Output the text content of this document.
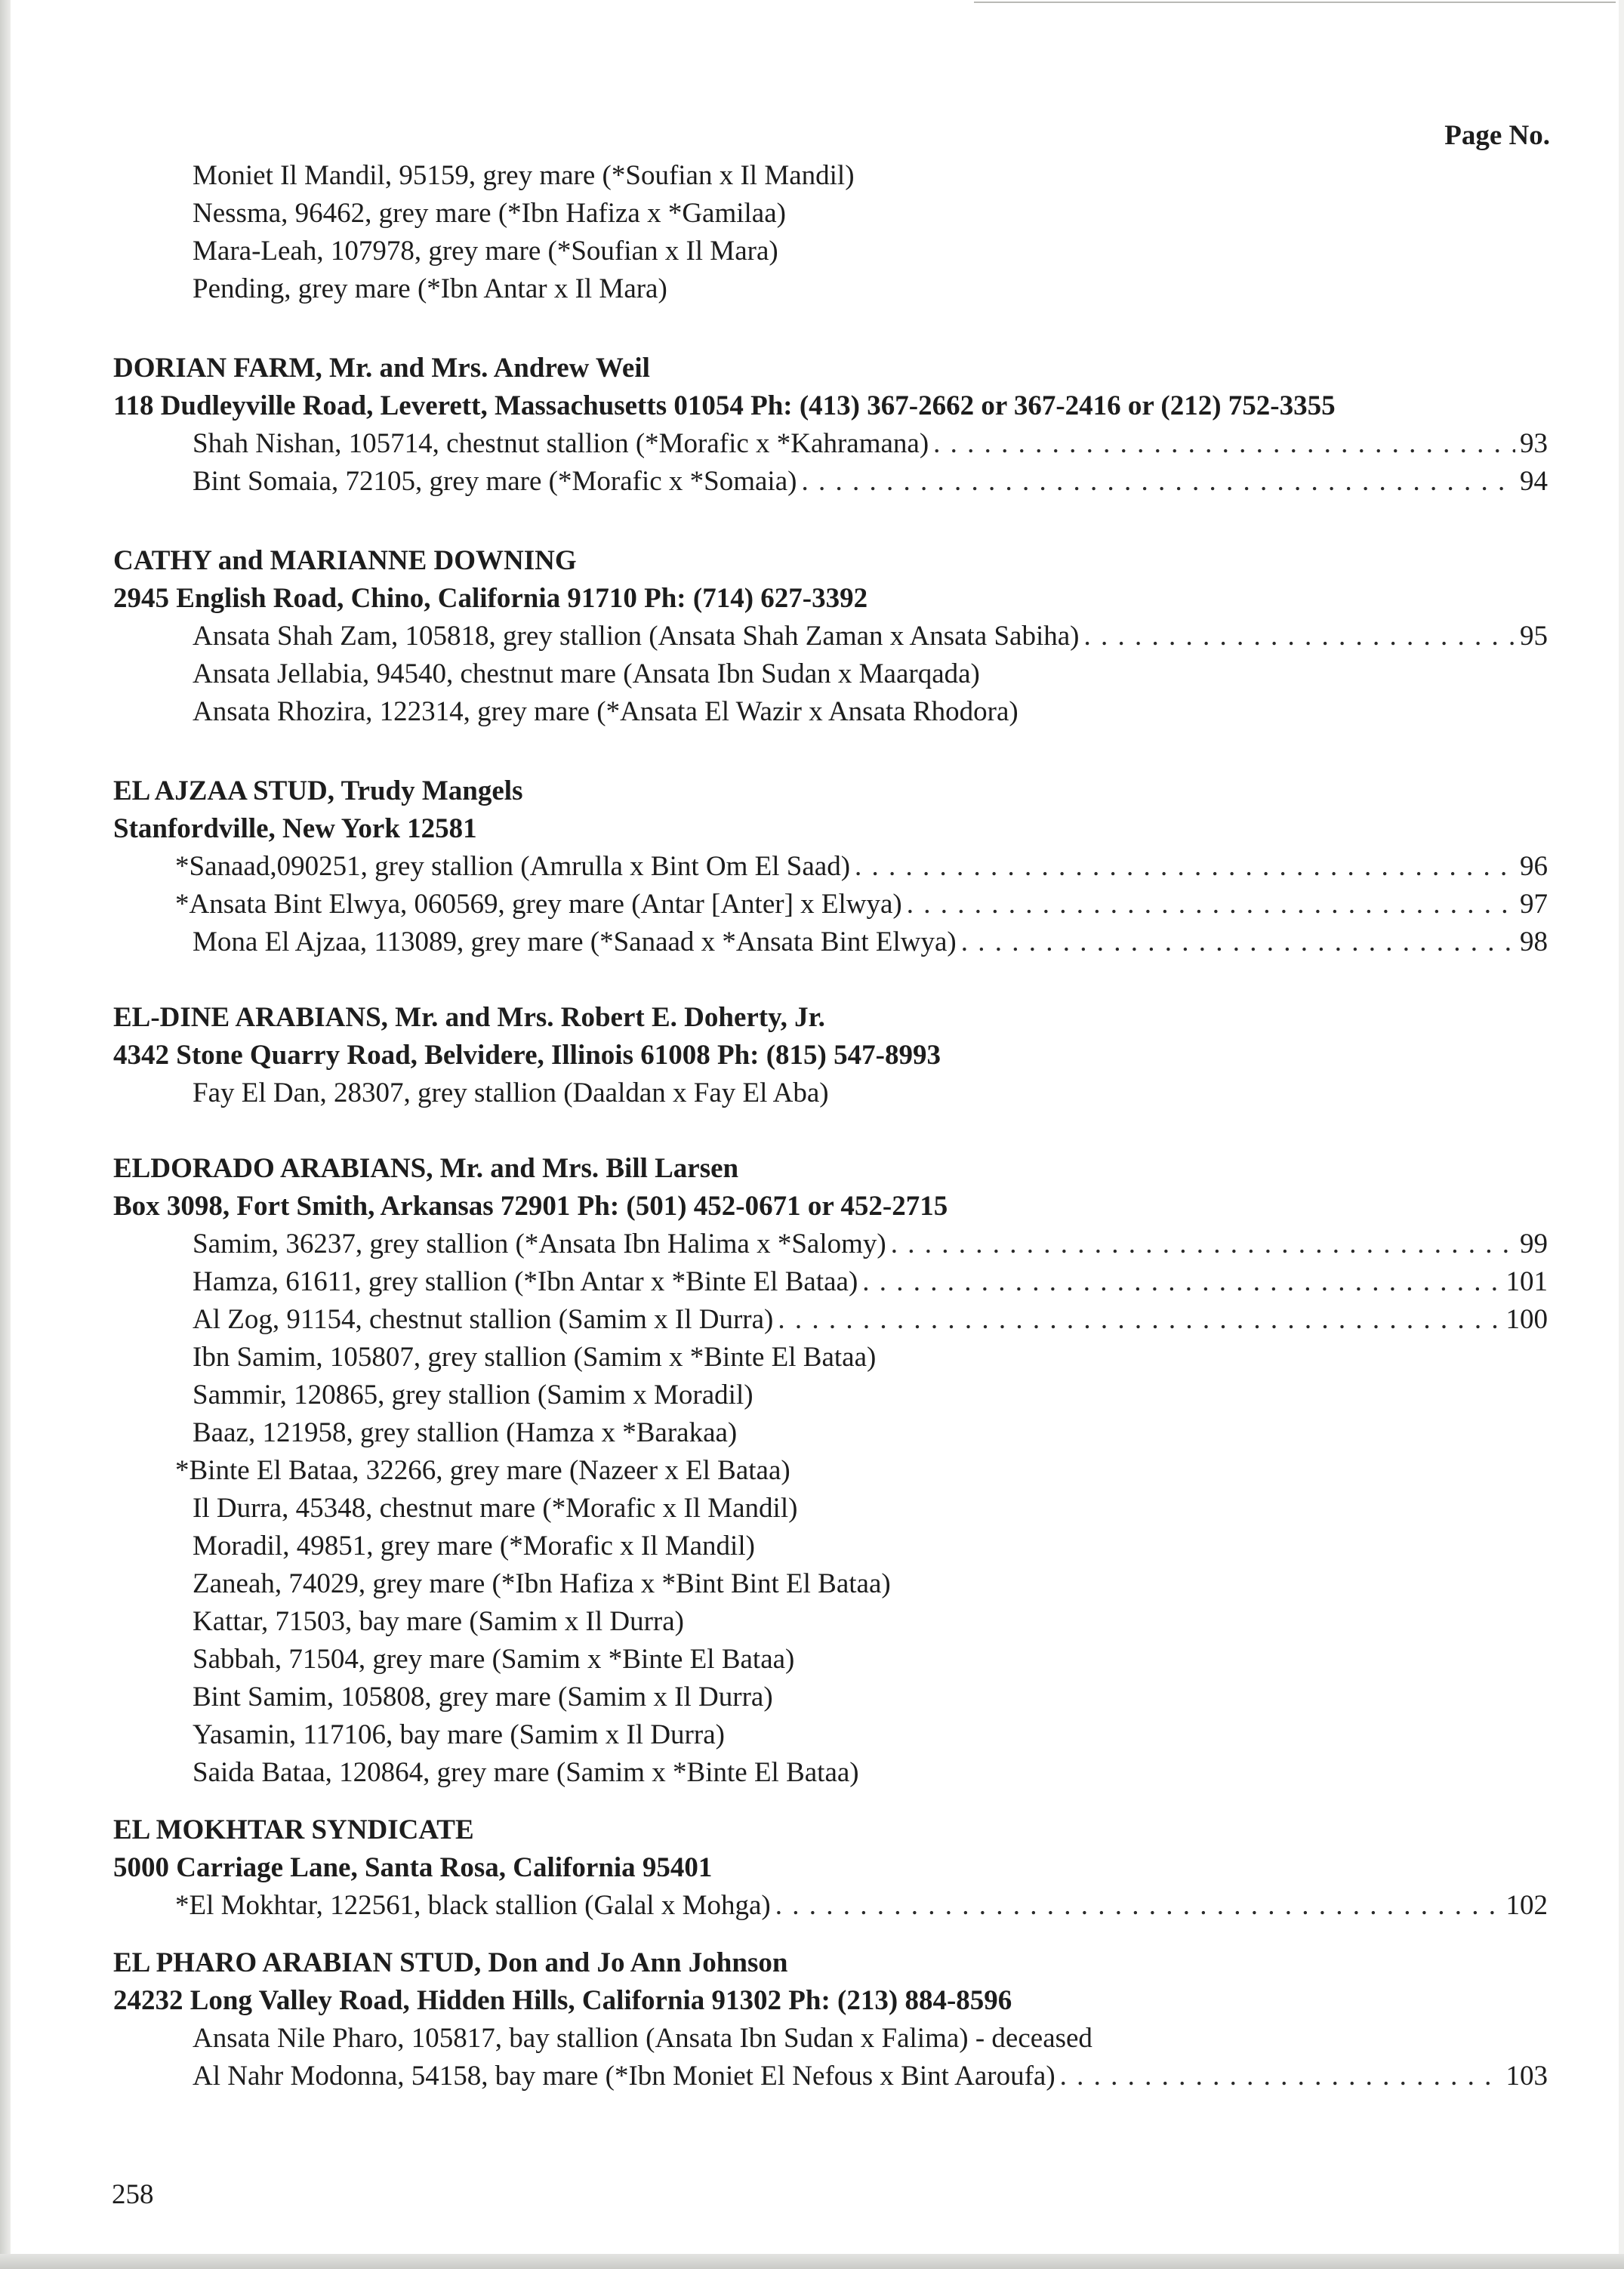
Page No.
Moniet Il Mandil, 95159, grey mare (*Soufian x Il Mandil)
Nessma, 96462, grey mare (*Ibn Hafiza x *Gamilaa)
Mara-Leah, 107978, grey mare (*Soufian x Il Mara)
Pending, grey mare (*Ibn Antar x Il Mara)
DORIAN FARM, Mr. and Mrs. Andrew Weil
118 Dudleyville Road, Leverett, Massachusetts 01054 Ph: (413) 367-2662 or 367-2416 or (212) 752-3355
Shah Nishan, 105714, chestnut stallion (*Morafic x *Kahramana) . . .	93
Bint Somaia, 72105, grey mare (*Morafic x *Somaia) . . .	94
CATHY and MARIANNE DOWNING
2945 English Road, Chino, California 91710 Ph: (714) 627-3392
Ansata Shah Zam, 105818, grey stallion (Ansata Shah Zaman x Ansata Sabiha) . . .	95
Ansata Jellabia, 94540, chestnut mare (Ansata Ibn Sudan x Maarqada)
Ansata Rhozira, 122314, grey mare (*Ansata El Wazir x Ansata Rhodora)
EL AJZAA STUD, Trudy Mangels
Stanfordville, New York 12581
*Sanaad,090251, grey stallion (Amrulla x Bint Om El Saad) . . .	96
*Ansata Bint Elwya, 060569, grey mare (Antar [Anter] x Elwya) . . .	97
Mona El Ajzaa, 113089, grey mare (*Sanaad x *Ansata Bint Elwya) . . .	98
EL-DINE ARABIANS, Mr. and Mrs. Robert E. Doherty, Jr.
4342 Stone Quarry Road, Belvidere, Illinois 61008 Ph: (815) 547-8993
Fay El Dan, 28307, grey stallion (Daaldan x Fay El Aba)
ELDORADO ARABIANS, Mr. and Mrs. Bill Larsen
Box 3098, Fort Smith, Arkansas 72901 Ph: (501) 452-0671 or 452-2715
Samim, 36237, grey stallion (*Ansata Ibn Halima x *Salomy) . . .	99
Hamza, 61611, grey stallion (*Ibn Antar x *Binte El Bataa) . . .	101
Al Zog, 91154, chestnut stallion (Samim x Il Durra) . . .	100
Ibn Samim, 105807, grey stallion (Samim x *Binte El Bataa)
Sammir, 120865, grey stallion (Samim x Moradil)
Baaz, 121958, grey stallion (Hamza x *Barakaa)
*Binte El Bataa, 32266, grey mare (Nazeer x El Bataa)
Il Durra, 45348, chestnut mare (*Morafic x Il Mandil)
Moradil, 49851, grey mare (*Morafic x Il Mandil)
Zaneah, 74029, grey mare (*Ibn Hafiza x *Bint Bint El Bataa)
Kattar, 71503, bay mare (Samim x Il Durra)
Sabbah, 71504, grey mare (Samim x *Binte El Bataa)
Bint Samim, 105808, grey mare (Samim x Il Durra)
Yasamin, 117106, bay mare (Samim x Il Durra)
Saida Bataa, 120864, grey mare (Samim x *Binte El Bataa)
EL MOKHTAR SYNDICATE
5000 Carriage Lane, Santa Rosa, California 95401
*El Mokhtar, 122561, black stallion (Galal x Mohga) . . .	102
EL PHARO ARABIAN STUD, Don and Jo Ann Johnson
24232 Long Valley Road, Hidden Hills, California 91302 Ph: (213) 884-8596
Ansata Nile Pharo, 105817, bay stallion (Ansata Ibn Sudan x Falima) - deceased
Al Nahr Modonna, 54158, bay mare (*Ibn Moniet El Nefous x Bint Aaroufa) . . .	103
258
